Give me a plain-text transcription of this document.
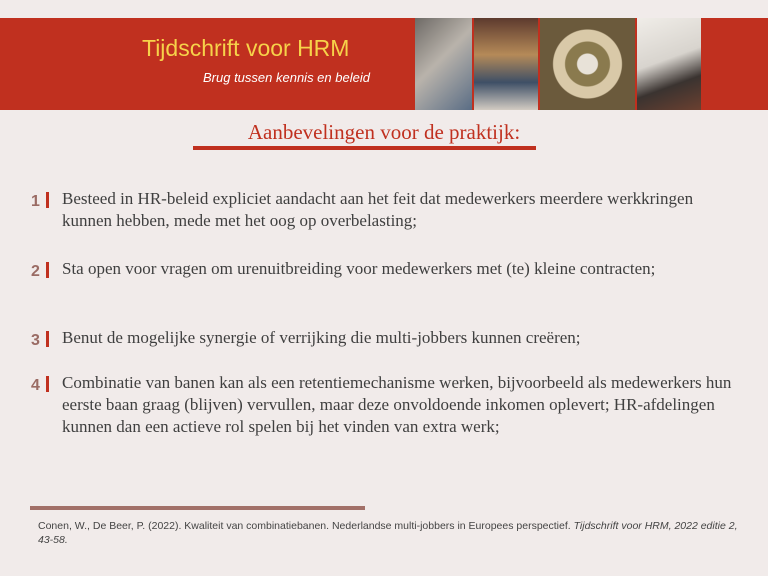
Tijdschrift voor HRM
Brug tussen kennis en beleid
Aanbevelingen voor de praktijk:
1 Besteed in HR-beleid expliciet aandacht aan het feit dat medewerkers meerdere werkkringen kunnen hebben, mede met het oog op overbelasting;
2 Sta open voor vragen om urenuitbreiding voor medewerkers met (te) kleine contracten;
3 Benut de mogelijke synergie of verrijking die multi-jobbers kunnen creëren;
4 Combinatie van banen kan als een retentiemechanisme werken, bijvoorbeeld als medewerkers hun eerste baan graag (blijven) vervullen, maar deze onvoldoende inkomen oplevert; HR-afdelingen kunnen dan een actieve rol spelen bij het vinden van extra werk;
Conen, W., De Beer, P. (2022). Kwaliteit van combinatiebanen. Nederlandse multi-jobbers in Europees perspectief. Tijdschrift voor HRM, 2022 editie 2, 43-58.
